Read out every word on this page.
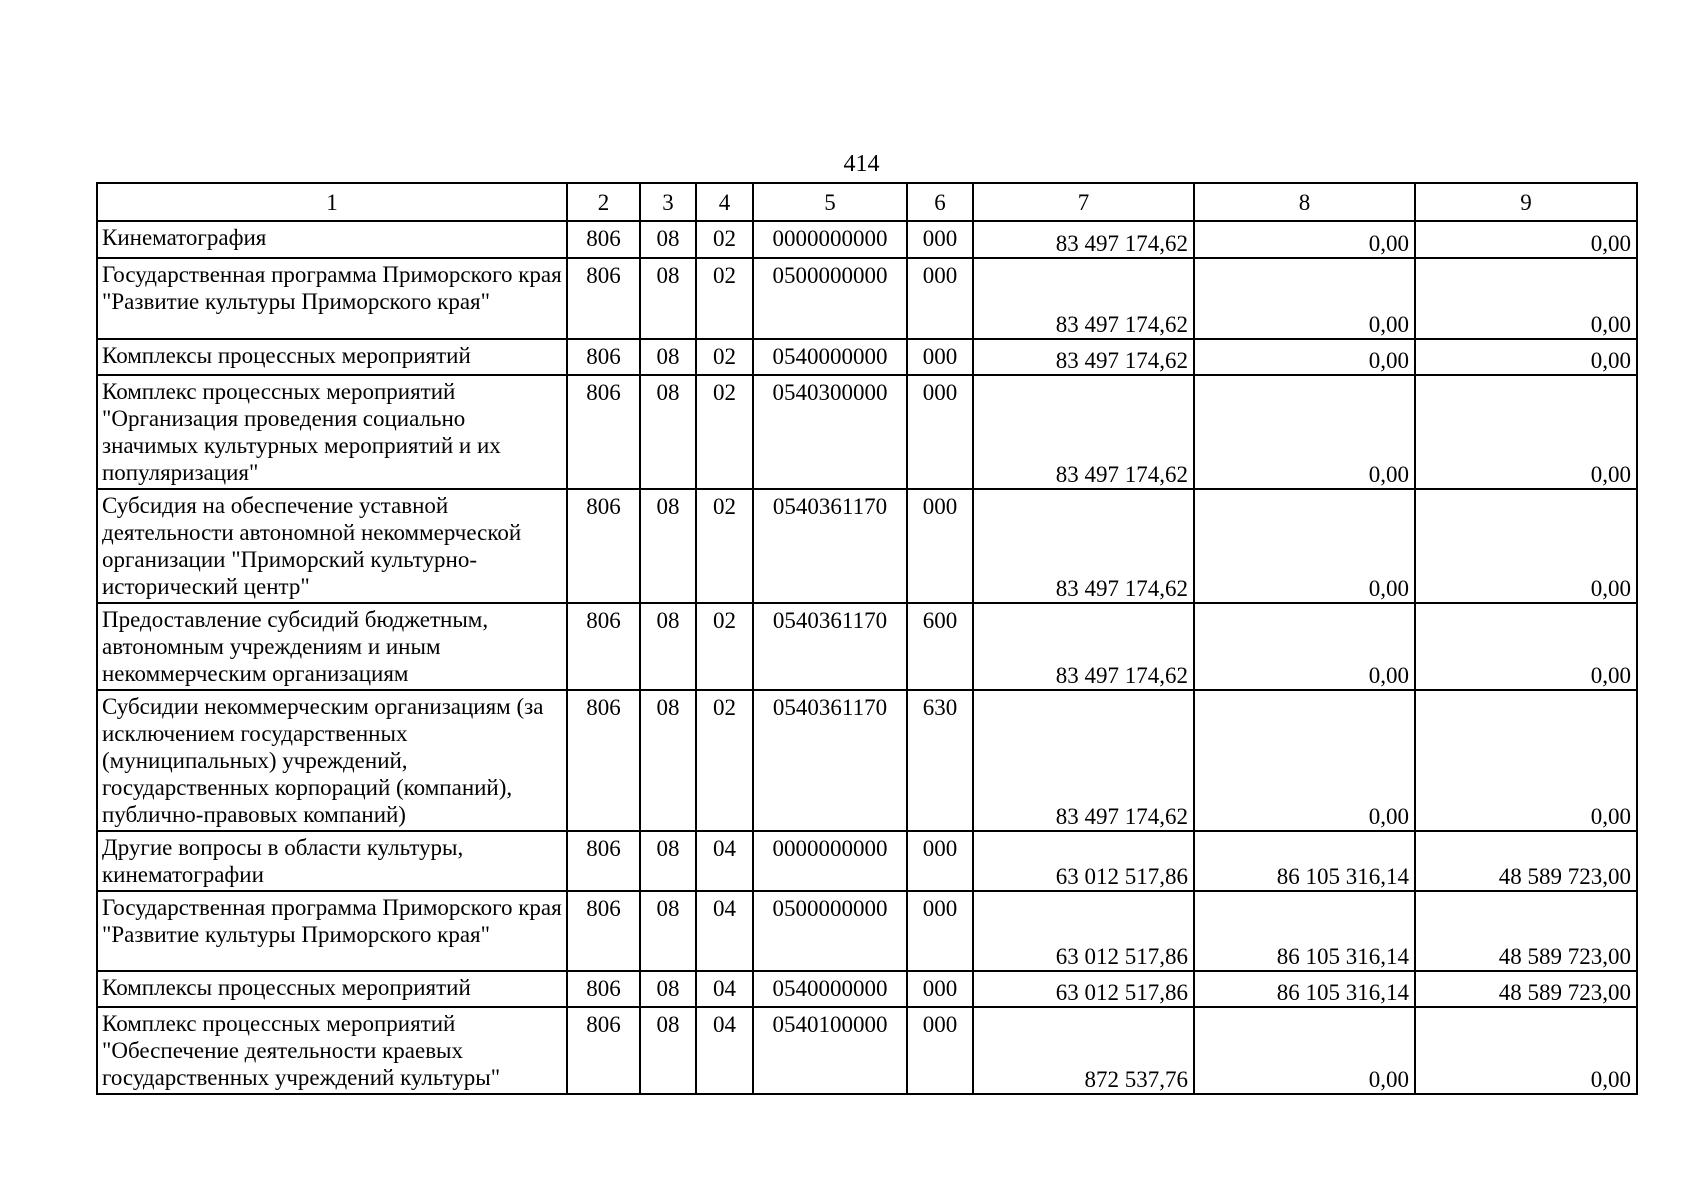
414
1	2	3	4	5	6	7	8	9
Кинематография	806	08	02	0000000000	000	83 497 174,62	0,00	0,00
Государственная программа Приморского края "Развитие культуры Приморского края"	806	08	02	0500000000	000	83 497 174,62	0,00	0,00
Комплексы процессных мероприятий	806	08	02	0540000000	000	83 497 174,62	0,00	0,00
Комплекс процессных мероприятий "Организация проведения социально значимых культурных мероприятий и их популяризация"	806	08	02	0540300000	000	83 497 174,62	0,00	0,00
Субсидия на обеспечение уставной деятельности автономной некоммерческой организации "Приморский культурно-исторический центр"	806	08	02	0540361170	000	83 497 174,62	0,00	0,00
Предоставление субсидий бюджетным, автономным учреждениям и иным некоммерческим организациям	806	08	02	0540361170	600	83 497 174,62	0,00	0,00
Субсидии некоммерческим организациям (за исключением государственных (муниципальных) учреждений, государственных корпораций (компаний), публично-правовых компаний)	806	08	02	0540361170	630	83 497 174,62	0,00	0,00
Другие вопросы в области культуры, кинематографии	806	08	04	0000000000	000	63 012 517,86	86 105 316,14	48 589 723,00
Государственная программа Приморского края "Развитие культуры Приморского края"	806	08	04	0500000000	000	63 012 517,86	86 105 316,14	48 589 723,00
Комплексы процессных мероприятий	806	08	04	0540000000	000	63 012 517,86	86 105 316,14	48 589 723,00
Комплекс процессных мероприятий "Обеспечение деятельности краевых государственных учреждений культуры"	806	08	04	0540100000	000	872 537,76	0,00	0,00
